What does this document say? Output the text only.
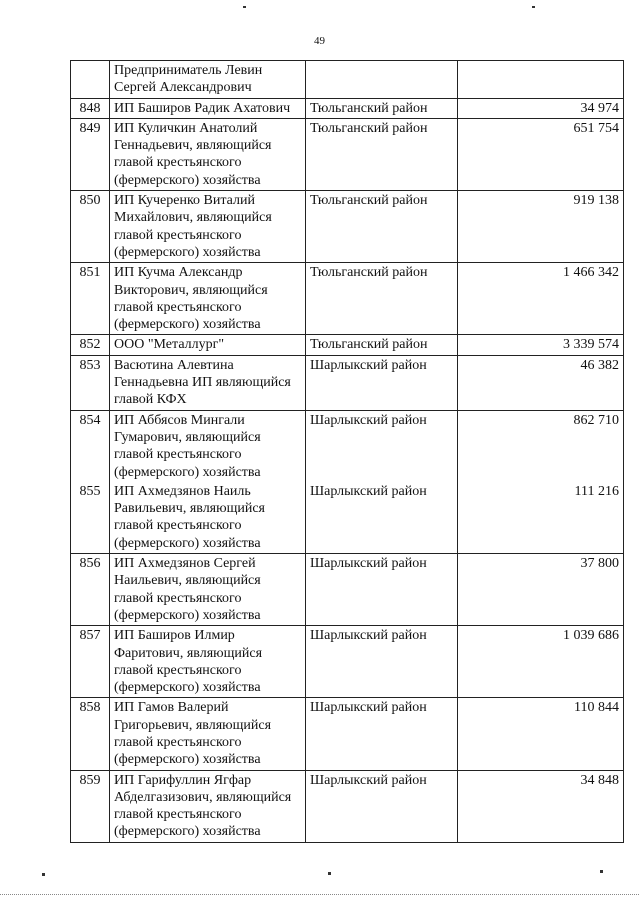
49
	Предприниматель Левин Сергей Александрович		
848	ИП Баширов Радик Ахатович	Тюльганский район	34 974
849	ИП Куличкин Анатолий Геннадьевич, являющийся главой крестьянского (фермерского) хозяйства	Тюльганский район	651 754
850	ИП Кучеренко Виталий Михайлович, являющийся главой крестьянского (фермерского) хозяйства	Тюльганский район	919 138
851	ИП Кучма Александр Викторович, являющийся главой крестьянского (фермерского) хозяйства	Тюльганский район	1 466 342
852	ООО "Металлург"	Тюльганский район	3 339 574
853	Васютина Алевтина Геннадьевна ИП являющийся главой КФХ	Шарлыкский район	46 382
854	ИП Аббясов Мингали Гумарович, являющийся главой крестьянского (фермерского) хозяйства	Шарлыкский район	862 710
855	ИП Ахмедзянов Наиль Равильевич, являющийся главой крестьянского (фермерского) хозяйства	Шарлыкский район	111 216
856	ИП Ахмедзянов Сергей Наильевич, являющийся главой крестьянского (фермерского) хозяйства	Шарлыкский район	37 800
857	ИП Баширов Илмир Фаритович, являющийся главой крестьянского (фермерского) хозяйства	Шарлыкский район	1 039 686
858	ИП Гамов Валерий Григорьевич, являющийся главой крестьянского (фермерского) хозяйства	Шарлыкский район	110 844
859	ИП Гарифуллин Ягфар Абделгазизович, являющийся главой крестьянского (фермерского) хозяйства	Шарлыкский район	34 848
